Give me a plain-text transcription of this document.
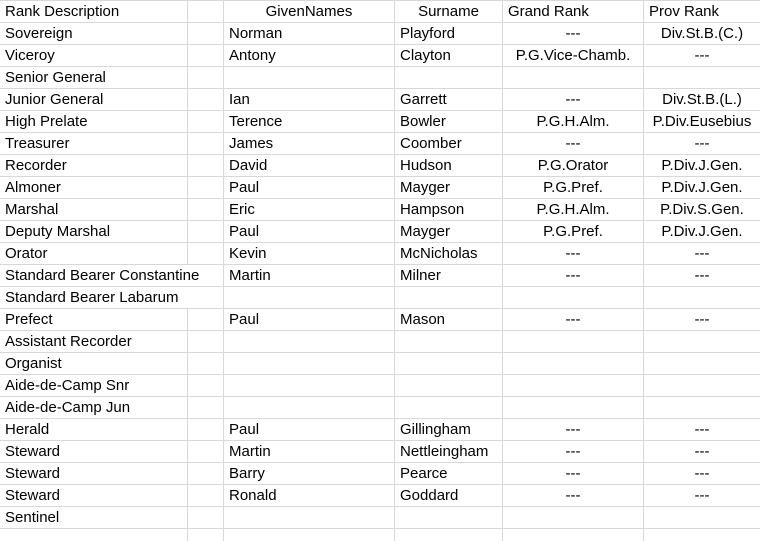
Rank Description	GivenNames	Surname	Grand Rank	Prov Rank
Sovereign	Norman	Playford	---	Div.St.B.(C.)
Viceroy	Antony	Clayton	P.G.Vice-Chamb.	---
Senior General
Junior General	Ian	Garrett	---	Div.St.B.(L.)
High Prelate	Terence	Bowler	P.G.H.Alm.	P.Div.Eusebius
Treasurer	James	Coomber	---	---
Recorder	David	Hudson	P.G.Orator	P.Div.J.Gen.
Almoner	Paul	Mayger	P.G.Pref.	P.Div.J.Gen.
Marshal	Eric	Hampson	P.G.H.Alm.	P.Div.S.Gen.
Deputy Marshal	Paul	Mayger	P.G.Pref.	P.Div.J.Gen.
Orator	Kevin	McNicholas	---	---
Standard Bearer Constantine	Martin	Milner	---	---
Standard Bearer Labarum
Prefect	Paul	Mason	---	---
Assistant Recorder
Organist
Aide-de-Camp Snr
Aide-de-Camp Jun
Herald	Paul	Gillingham	---	---
Steward	Martin	Nettleingham	---	---
Steward	Barry	Pearce	---	---
Steward	Ronald	Goddard	---	---
Sentinel
